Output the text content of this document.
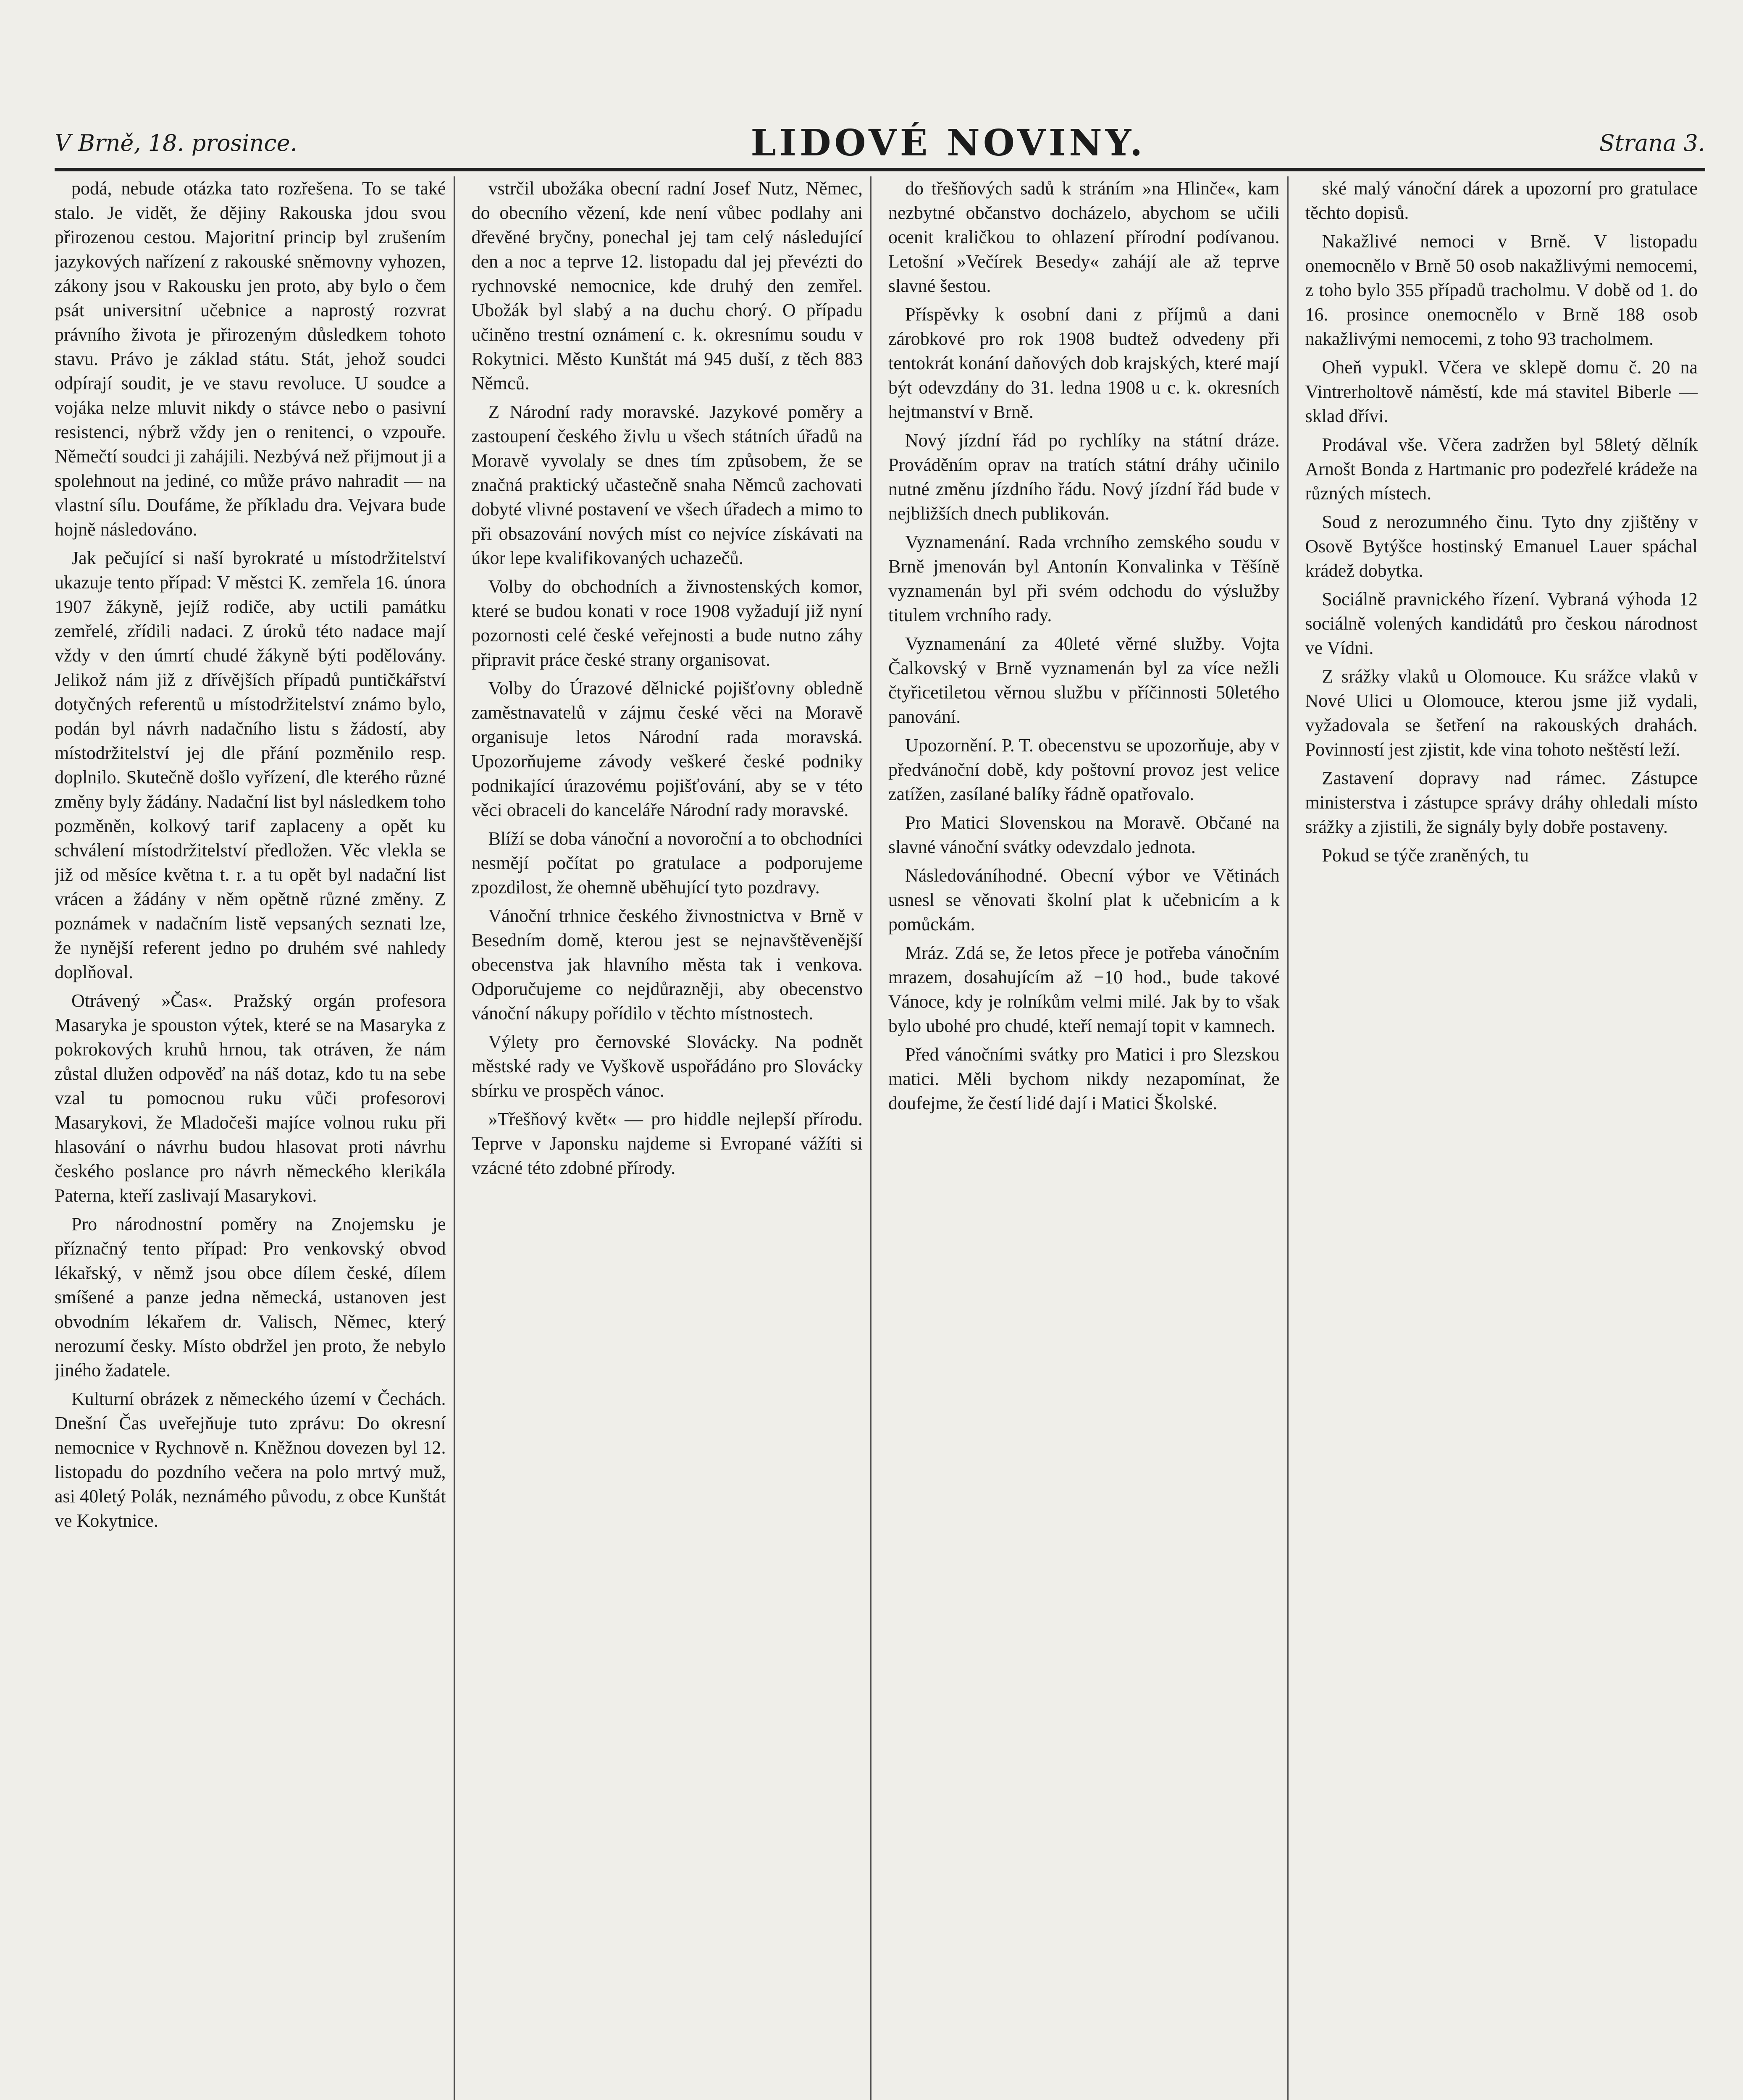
V Brně, 18. prosince.	LIDOVÉ NOVINY.	Strana 3.

podá, nebude otázka tato rozřešena. To se také stalo. Je vidět, že dějiny Rakouska jdou svou přirozenou cestou. Majoritní princip byl zrušením jazykových nařízení z rakouské sněmovny vyhozen, zákony jsou v Rakousku jen proto, aby bylo o čem psát universitní učebnice a naprostý rozvrat právního života je přirozeným důsledkem tohoto stavu. Právo je základ státu. Stát, jehož soudci odpírají soudit, je ve stavu revoluce. U soudce a vojáka nelze mluvit nikdy o stávce nebo o pasivní resistenci, nýbrž vždy jen o renitenci, o vzpouře. Němečtí soudci ji zahájili. Nezbývá než přijmout ji a spolehnout na jediné, co může právo nahradit — na vlastní sílu. Doufáme, že příkladu dra. Vejvara bude hojně následováno.

Jak pečující si naší byrokraté u místodržitelství ukazuje tento případ: V městci K. zemřela 16. února 1907 žákyně, jejíž rodiče, aby uctili památku zemřelé, zřídili nadaci. Z úroků této nadace mají vždy v den úmrtí chudé žákyně býti podělovány. Jelikož nám již z dřívějších případů puntičkářství dotyčných referentů u místodržitelství známo bylo, podán byl návrh nadačního listu s žádostí, aby místodržitelství jej dle přání pozměnilo resp. doplnilo. Skutečně došlo vyřízení, dle kterého různé změny byly žádány. Nadační list byl následkem toho pozměněn, kolkový tarif zaplaceny a opět ku schválení místodržitelství předložen. Věc vlekla se již od měsíce května t. r. a tu opět byl nadační list vrácen a žádány v něm opětně různé změny. Z poznámek v nadačním listě vepsaných seznati lze, že nynější referent jedno po druhém své nahledy doplňoval.

Otrávený »Čas«. Pražský orgán profesora Masaryka je spouston výtek, které se na Masaryka z pokrokových kruhů hrnou, tak otráven, že nám zůstal dlužen odpověď na náš dotaz, kdo tu na sebe vzal tu pomocnou ruku vůči profesorovi Masarykovi, že Mladočeši majíce volnou ruku při hlasování o návrhu budou hlasovat proti návrhu českého poslance pro návrh německého klerikála Paterna, kteří zaslivají Masarykovi.

Pro národnostní poměry na Znojemsku je příznačný tento případ: Pro venkovský obvod lékařský, v němž jsou obce dílem české, dílem smíšené a panze jedna německá, ustanoven jest obvodním lékařem dr. Valisch, Němec, který nerozumí česky. Místo obdržel jen proto, že nebylo jiného žadatele.

Kulturní obrázek z německého území v Čechách. Dnešní Čas uveřejňuje tuto zprávu: Do okresní nemocnice v Rychnově n. Kněžnou dovezen byl 12. listopadu do pozdního večera na polo mrtvý muž, asi 40letý Polák, neznámého původu, z obce Kunštát ve Kokytnice.

vstrčil ubožáka obecní radní Josef Nutz, Němec, do obecního vězení, kde není vůbec podlahy ani dřevěné bryčny, ponechal jej tam celý následující den a noc a teprve 12. listopadu dal jej převézti do rychnovské nemocnice, kde druhý den zemřel. Ubožák byl slabý a na duchu chorý. O případu učiněno trestní oznámení c. k. okresnímu soudu v Rokytnici. Město Kunštát má 945 duší, z těch 883 Němců.

Z Národní rady moravské. Jazykové poměry a zastoupení českého živlu u všech státních úřadů na Moravě vyvolaly se dnes tím způsobem, že se značná praktický učastečně snaha Němců zachovati dobyté vlivné postavení ve všech úřadech a mimo to při obsazování nových míst co nejvíce získávati na úkor lepe kvalifikovaných uchazečů.

Volby do obchodních a živnostenských komor, které se budou konati v roce 1908 vyžadují již nyní pozornosti celé české veřejnosti a bude nutno záhy připravit práce české strany organisovat.

Volby do Úrazové dělnické pojišťovny obledně zaměstnavatelů v zájmu české věci na Moravě organisuje letos Národní rada moravská. Upozorňujeme závody veškeré české podniky podnikající úrazovému pojišťování, aby se v této věci obraceli do kanceláře Národní rady moravské.

Blíží se doba vánoční a novoroční a to obchodníci nesmějí počítat po gratulace a podporujeme zpozdilost, že ohemně uběhující tyto pozdravy.

Vánoční trhnice českého živnostnictva v Brně v Besedním domě, kterou jest se nejnavštěvenější obecenstva jak hlavního města tak i venkova. Odporučujeme co nejdůrazněji, aby obecenstvo vánoční nákupy pořídilo v těchto místnostech.

Výlety pro černovské Slovácky. Na podnět městské rady ve Vyškově uspořádáno pro Slovácky sbírku ve prospěch vánoc.

»Třešňový květ« — pro hiddle nejlepší přírodu. Teprve v Japonsku najdeme si Evropané vážíti si vzácné této zdobné přírody.

do třešňových sadů k stráním »na Hlinče«, kam nezbytné občanstvo docházelo, abychom se učili ocenit kraličkou to ohlazení přírodní podívanou. Letošní »Večírek Besedy« zahájí ale až teprve slavné šestou.

Příspěvky k osobní dani z příjmů a dani zárobkové pro rok 1908 budtež odvedeny při tentokrát konání daňových dob krajských, které mají být odevzdány do 31. ledna 1908 u c. k. okresních hejtmanství v Brně.

Nový jízdní řád po rychlíky na státní dráze. Prováděním oprav na tratích státní dráhy učinilo nutné změnu jízdního řádu. Nový jízdní řád bude v nejbližších dnech publikován.

Vyznamenání. Rada vrchního zemského soudu v Brně jmenován byl Antonín Konvalinka v Těšíně vyznamenán byl při svém odchodu do výslužby titulem vrchního rady.

Vyznamenání za 40leté věrné služby. Vojta Čalkovský v Brně vyznamenán byl za více nežli čtyřicetiletou věrnou službu v příčinnosti 50letého panování.

Upozornění. P. T. obecenstvu se upozorňuje, aby v předvánoční době, kdy poštovní provoz jest velice zatížen, zasílané balíky řádně opatřovalo.

Pro Matici Slovenskou na Moravě. Občané na slavné vánoční svátky odevzdalo jednota.

Následováníhodné. Obecní výbor ve Větinách usnesl se věnovati školní plat k učebnicím a k pomůckám.

Mráz. Zdá se, že letos přece je potřeba vánočním mrazem, dosahujícím až −10 hod., bude takové Vánoce, kdy je rolníkům velmi milé. Jak by to však bylo ubohé pro chudé, kteří nemají topit v kamnech.

Před vánočními svátky pro Matici i pro Slezskou matici. Měli bychom nikdy nezapomínat, že doufejme, že čestí lidé dají i Matici Školské.

ské malý vánoční dárek a upozorní pro gratulace těchto dopisů.

Nakažlivé nemoci v Brně. V listopadu onemocnělo v Brně 50 osob nakažlivými nemocemi, z toho bylo 355 případů tracholmu. V době od 1. do 16. prosince onemocnělo v Brně 188 osob nakažlivými nemocemi, z toho 93 tracholmem.

Oheň vypukl. Včera ve sklepě domu č. 20 na Vintrerholtově náměstí, kde má stavitel Biberle — sklad dřívi.

Prodával vše. Včera zadržen byl 58letý dělník Arnošt Bonda z Hartmanic pro podezřelé krádeže na různých místech.

Soud z nerozumného činu. Tyto dny zjištěny v Osově Bytýšce hostinský Emanuel Lauer spáchal krádež dobytka.

Sociálně pravnického řízení. Vybraná výhoda 12 sociálně volených kandidátů pro českou národnost ve Vídni.

Z srážky vlaků u Olomouce. Ku srážce vlaků v Nové Ulici u Olomouce, kterou jsme již vydali, vyžadovala se šetření na rakouských drahách. Povinností jest zjistit, kde vina tohoto neštěstí leží.

Zastavení dopravy nad rámec. Zástupce ministerstva i zástupce správy dráhy ohledali místo srážky a zjistili, že signály byly dobře postaveny.

Pokud se týče zraněných, tu
